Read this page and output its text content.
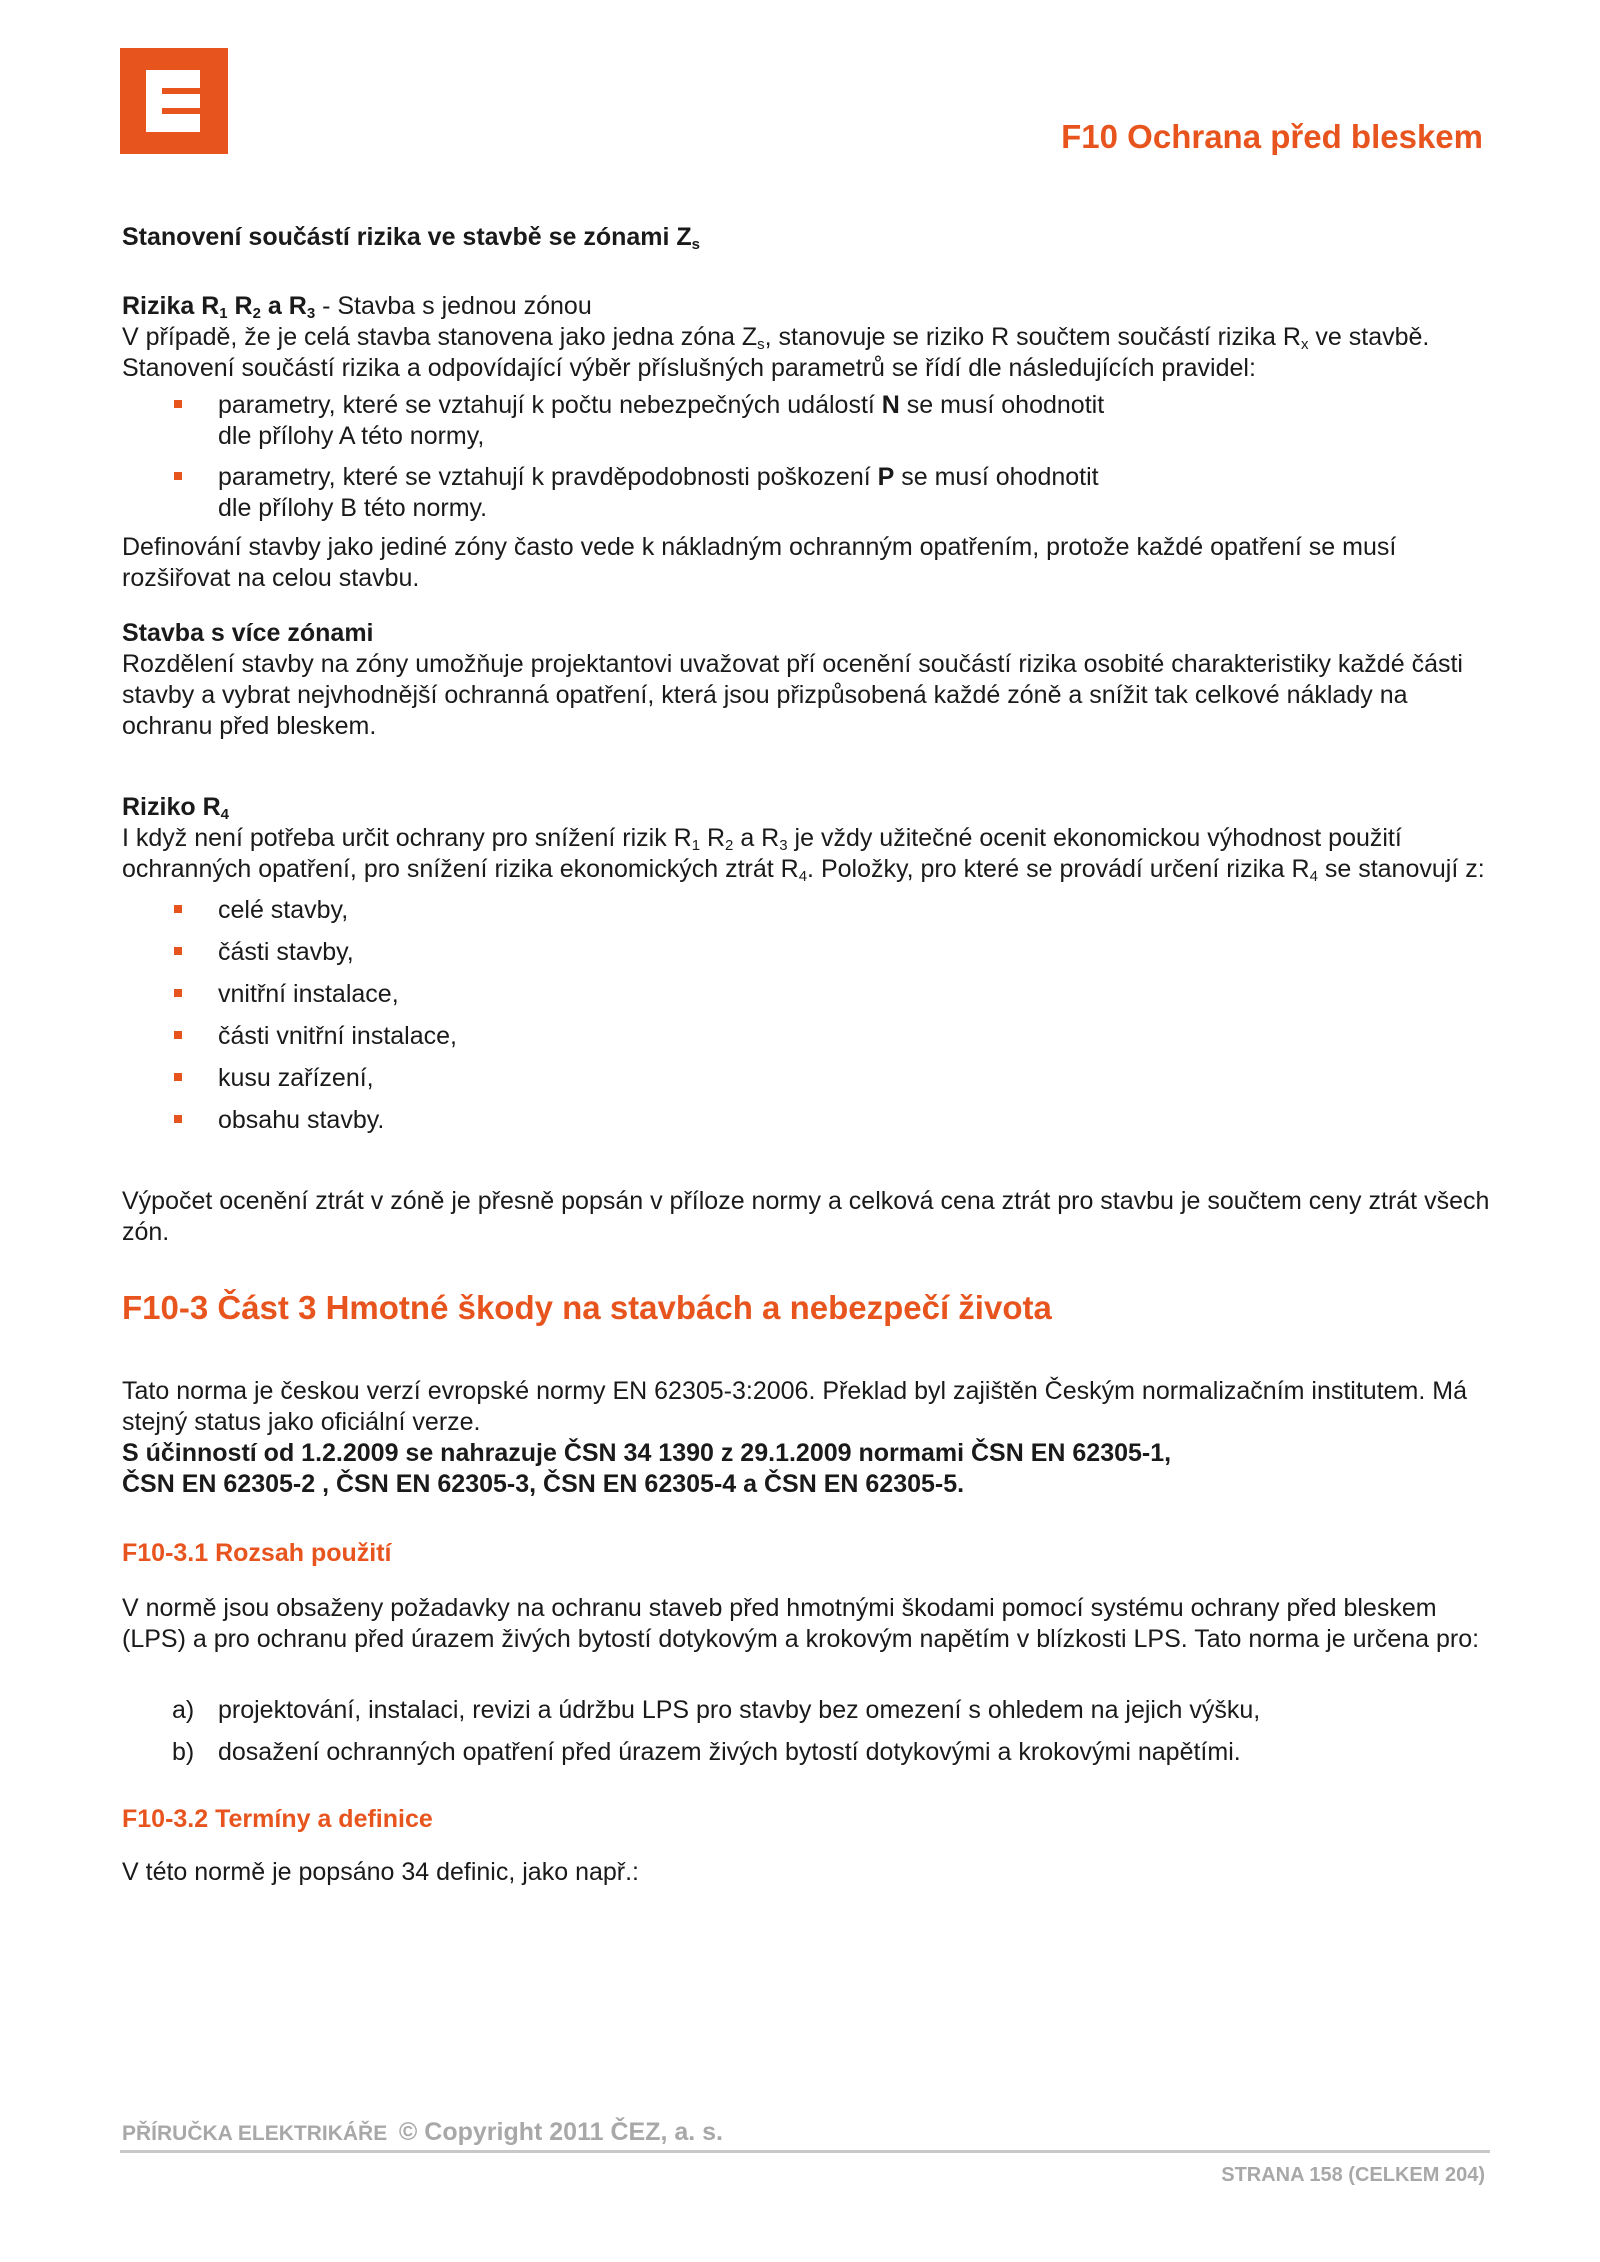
F10 Ochrana před bleskem
Stanovení součástí rizika ve stavbě se zónami $Z_s$
Rizika $R_1$ $R_2$ a $R_3$ - Stavba s jednou zónou

V případě, že je celá stavba stanovena jako jedna zóna $Z_s$, stanovuje se riziko R součtem součástí rizika $R_x$ ve stavbě. Stanovení součástí rizika a odpovídající výběr příslušných parametrů se řídí dle následujících pravidel:

parametry, které se vztahují k počtu nebezpečných událostí N se musí ohodnotit
dle přílohy A této normy,
parametry, které se vztahují k pravděpodobnosti poškození P se musí ohodnotit
dle přílohy B této normy.

Definování stavby jako jediné zóny často vede k nákladným ochranným opatřením, protože každé opatření se musí rozšiřovat na celou stavbu.

Stavba s více zónami

Rozdělení stavby na zóny umožňuje projektantovi uvažovat pří ocenění součástí rizika osobité charakteristiky každé části stavby a vybrat nejvhodnější ochranná opatření, která jsou přizpůsobená každé zóně a snížit tak celkové náklady na ochranu před bleskem.

Riziko $R_4$

I když není potřeba určit ochrany pro snížení rizik $R_1$ $R_2$ a $R_3$ je vždy užitečné ocenit ekonomickou výhodnost použití ochranných opatření, pro snížení rizika ekonomických ztrát $R_4$. Položky, pro které se provádí určení rizika $R_4$ se stanovují z:

celé stavby,
části stavby,
vnitřní instalace,
části vnitřní instalace,
kusu zařízení,
obsahu stavby.

Výpočet ocenění ztrát v zóně je přesně popsán v příloze normy a celková cena ztrát pro stavbu je součtem ceny ztrát všech zón.

F10-3 Část 3 Hmotné škody na stavbách a nebezpečí života

Tato norma je českou verzí evropské normy EN 62305-3:2006. Překlad byl zajištěn Českým normalizačním institutem. Má stejný status jako oficiální verze.

S účinností od 1.2.2009 se nahrazuje ČSN 34 1390 z 29.1.2009 normami ČSN EN 62305-1,
ČSN EN 62305-2 , ČSN EN 62305-3, ČSN EN 62305-4 a ČSN EN 62305-5.

F10-3.1 Rozsah použití

V normě jsou obsaženy požadavky na ochranu staveb před hmotnými škodami pomocí systému ochrany před bleskem (LPS) a pro ochranu před úrazem živých bytostí dotykovým a krokovým napětím v blízkosti LPS. Tato norma je určena pro:

a) projektování, instalaci, revizi a údržbu LPS pro stavby bez omezení s ohledem na jejich výšku,
b) dosažení ochranných opatření před úrazem živých bytostí dotykovými a krokovými napětími.
F10-3.2 Termíny a definice

V této normě je popsáno 34 definic, jako např.:

PŘÍRUČKA ELEKTRIKÁŘE © Copyright 2011 ČEZ, a. s.
STRANA 158 (CELKEM 204)
